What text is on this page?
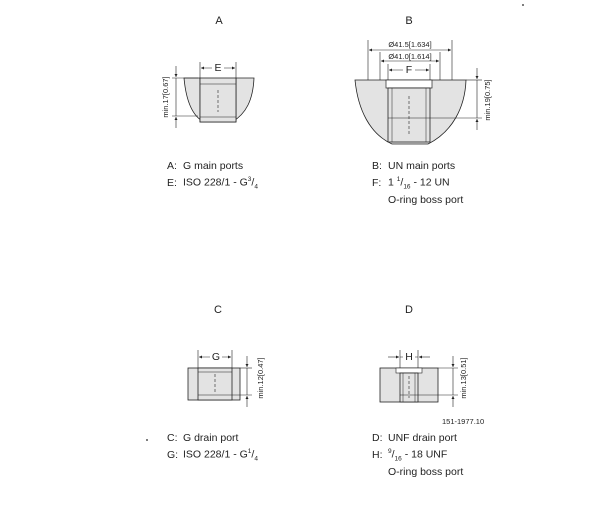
A
E
min.17[0.67]
B
Ø41.5[1.634]
Ø41.0[1.614]
F
min.19[0.75]
C
G
min.12[0.47]
D
H
min.13[0.51]
151-1977.10
A: G main ports
E: ISO $228/1 - G^3/_4$
B: UN main ports
F: 1 $^1/_{16} - 12$ UN
O-ring boss port
C: G drain port
G: ISO $228/1 - G^1/_4$
D: UNF drain port
H: $^9/_{16} - 18$ UNF
O-ring boss port
